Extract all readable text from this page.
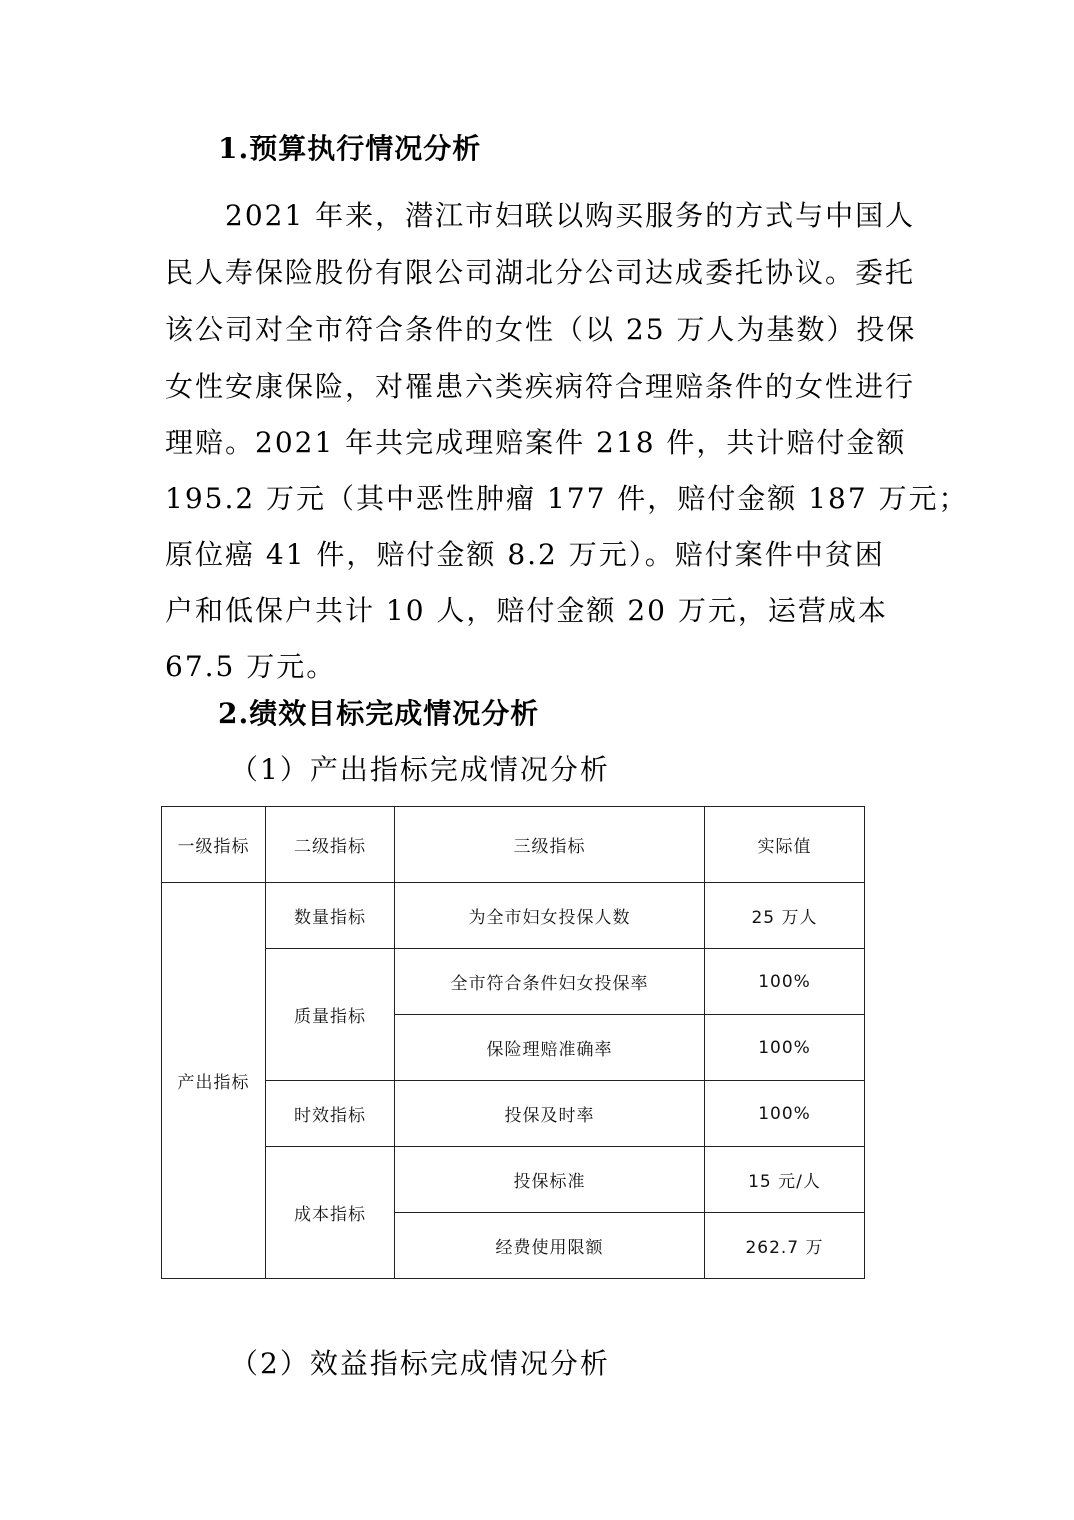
1.预算执行情况分析
　　2021 年来，潜江市妇联以购买服务的方式与中国人
民人寿保险股份有限公司湖北分公司达成委托协议。委托
该公司对全市符合条件的女性（以 25 万人为基数）投保
女性安康保险，对罹患六类疾病符合理赔条件的女性进行
理赔。2021 年共完成理赔案件 218 件，共计赔付金额
195.2 万元（其中恶性肿瘤 177 件，赔付金额 187 万元；
原位癌 41 件，赔付金额 8.2 万元）。赔付案件中贫困
户和低保户共计 10 人，赔付金额 20 万元，运营成本
67.5 万元。
2.绩效目标完成情况分析
（1）产出指标完成情况分析
一级指标	二级指标	三级指标	实际值
产出指标	数量指标	为全市妇女投保人数	25 万人
	质量指标	全市符合条件妇女投保率	100%
		保险理赔准确率	100%
	时效指标	投保及时率	100%
	成本指标	投保标准	15 元/人
		经费使用限额	262.7 万
（2）效益指标完成情况分析
